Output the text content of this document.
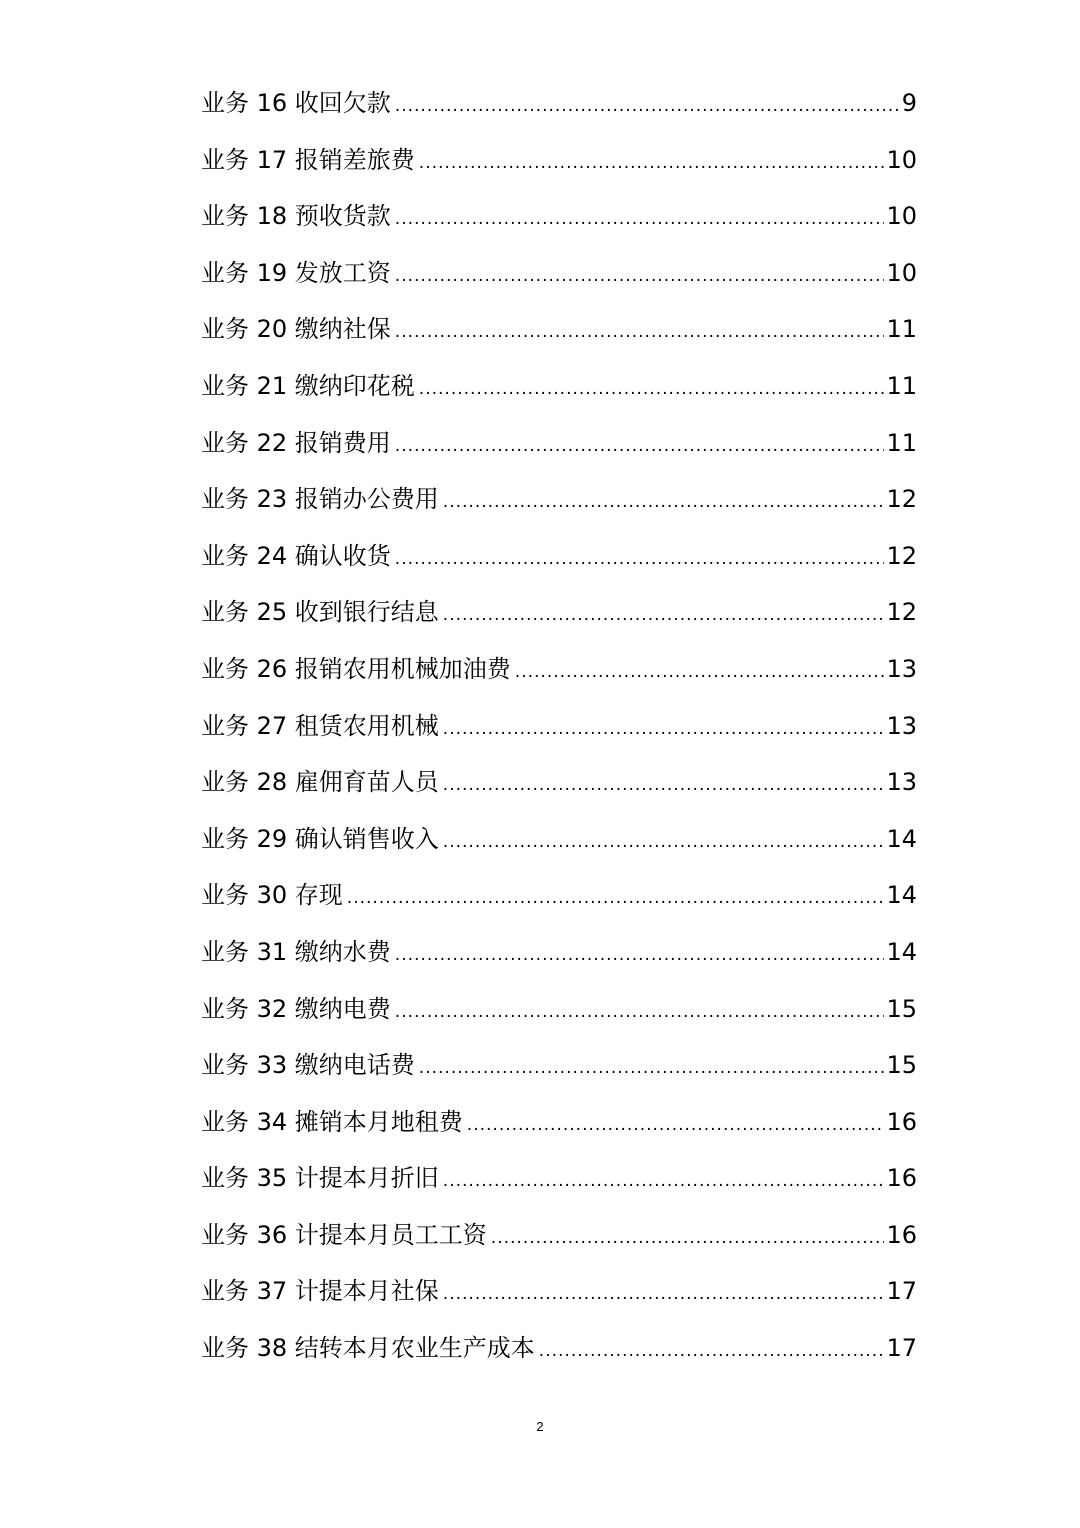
业务 16 收回欠款 .....	9
业务 17 报销差旅费 .....	10
业务 18 预收货款 .....	10
业务 19 发放工资 .....	10
业务 20 缴纳社保 .....	11
业务 21 缴纳印花税 .....	11
业务 22 报销费用 .....	11
业务 23 报销办公费用 .....	12
业务 24 确认收货 .....	12
业务 25 收到银行结息 .....	12
业务 26 报销农用机械加油费 .....	13
业务 27 租赁农用机械 .....	13
业务 28 雇佣育苗人员 .....	13
业务 29 确认销售收入 .....	14
业务 30 存现 .....	14
业务 31 缴纳水费 .....	14
业务 32 缴纳电费 .....	15
业务 33 缴纳电话费 .....	15
业务 34 摊销本月地租费 .....	16
业务 35 计提本月折旧 .....	16
业务 36 计提本月员工工资 .....	16
业务 37 计提本月社保 .....	17
业务 38 结转本月农业生产成本 .....	17
2
